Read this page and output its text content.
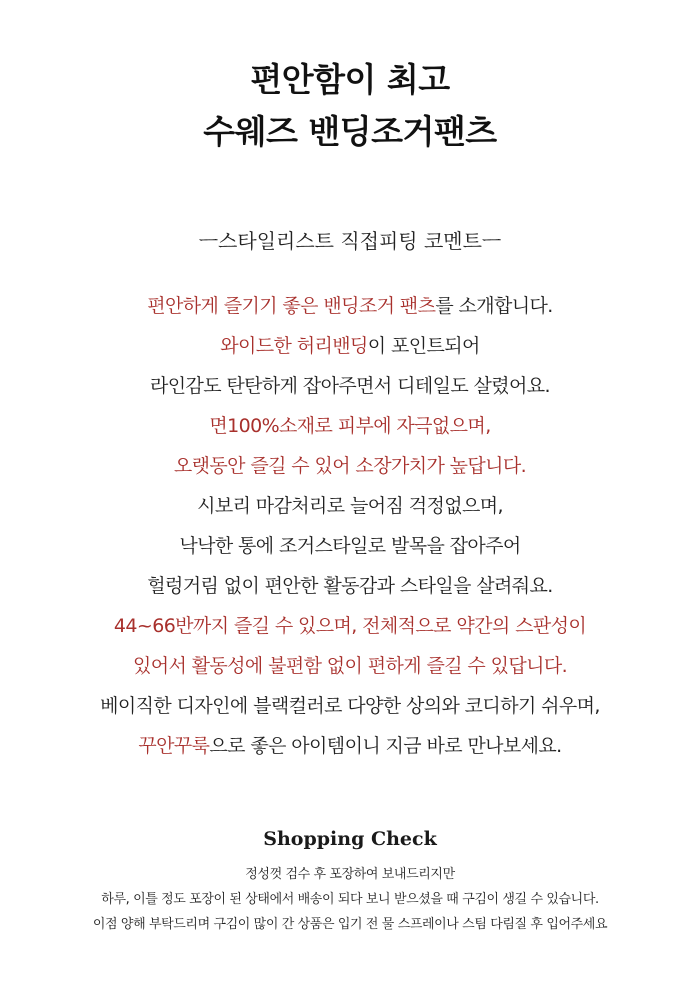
편안함이 최고
수웨즈 밴딩조거팬츠
ㅡ스타일리스트 직접피팅 코멘트ㅡ
편안하게 즐기기 좋은 밴딩조거 팬츠를 소개합니다.
와이드한 허리밴딩이 포인트되어
라인감도 탄탄하게 잡아주면서 디테일도 살렸어요.
면100%소재로 피부에 자극없으며,
오랫동안 즐길 수 있어 소장가치가 높답니다.
시보리 마감처리로 늘어짐 걱정없으며,
낙낙한 통에 조거스타일로 발목을 잡아주어
헐렁거림 없이 편안한 활동감과 스타일을 살려줘요.
44~66반까지 즐길 수 있으며, 전체적으로 약간의 스판성이
있어서 활동성에 불편함 없이 편하게 즐길 수 있답니다.
베이직한 디자인에 블랙컬러로 다양한 상의와 코디하기 쉬우며,
꾸안꾸룩으로 좋은 아이템이니 지금 바로 만나보세요.
Shopping Check
정성껏 검수 후 포장하여 보내드리지만
하루, 이틀 정도 포장이 된 상태에서 배송이 되다 보니 받으셨을 때 구김이 생길 수 있습니다.
이점 양해 부탁드리며 구김이 많이 간 상품은 입기 전 물 스프레이나 스팀 다림질 후 입어주세요
